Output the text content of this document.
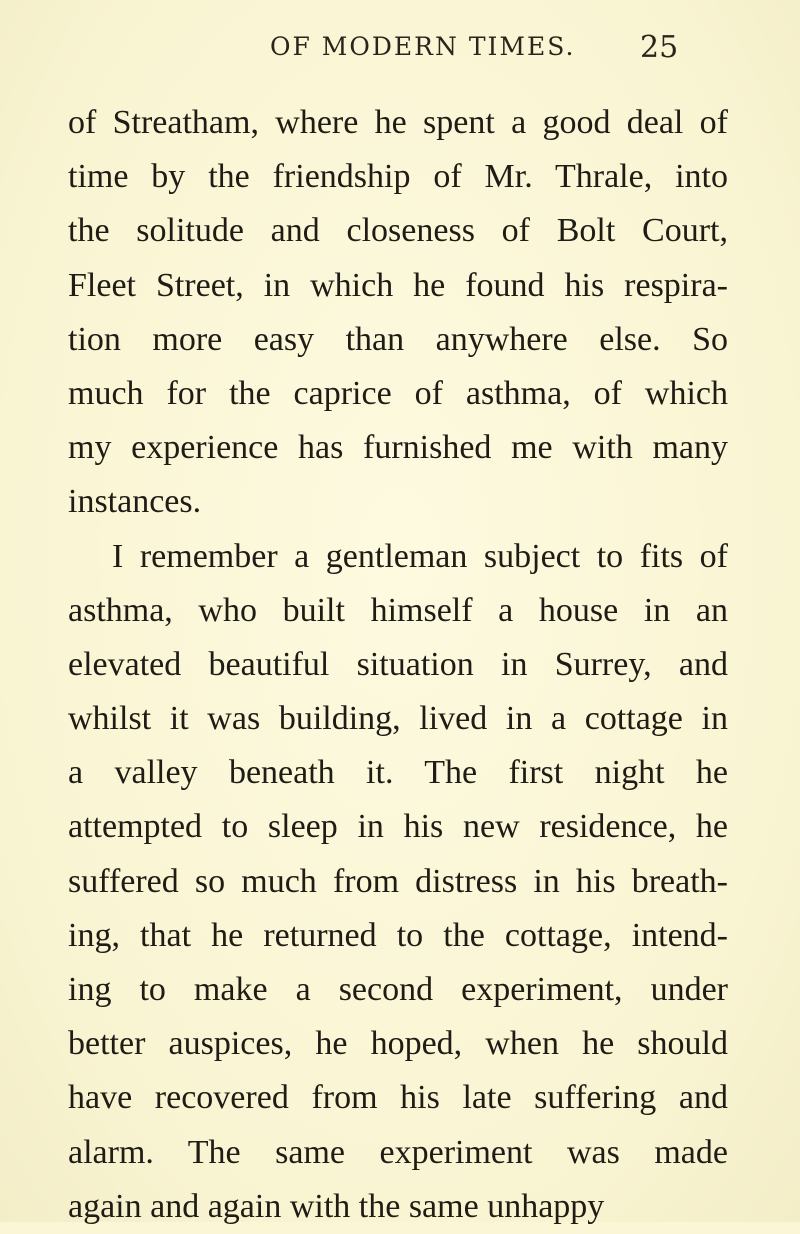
OF MODERN TIMES. 25
of Streatham, where he spent a good deal of
time by the friendship of Mr. Thrale, into
the solitude and closeness of Bolt Court,
Fleet Street, in which he found his respira-
tion more easy than anywhere else. So
much for the caprice of asthma, of which
my experience has furnished me with many
instances.
I remember a gentleman subject to fits of
asthma, who built himself a house in an
elevated beautiful situation in Surrey, and
whilst it was building, lived in a cottage in
a valley beneath it. The first night he
attempted to sleep in his new residence, he
suffered so much from distress in his breath-
ing, that he returned to the cottage, intend-
ing to make a second experiment, under
better auspices, he hoped, when he should
have recovered from his late suffering and
alarm. The same experiment was made
again and again with the same unhappy
